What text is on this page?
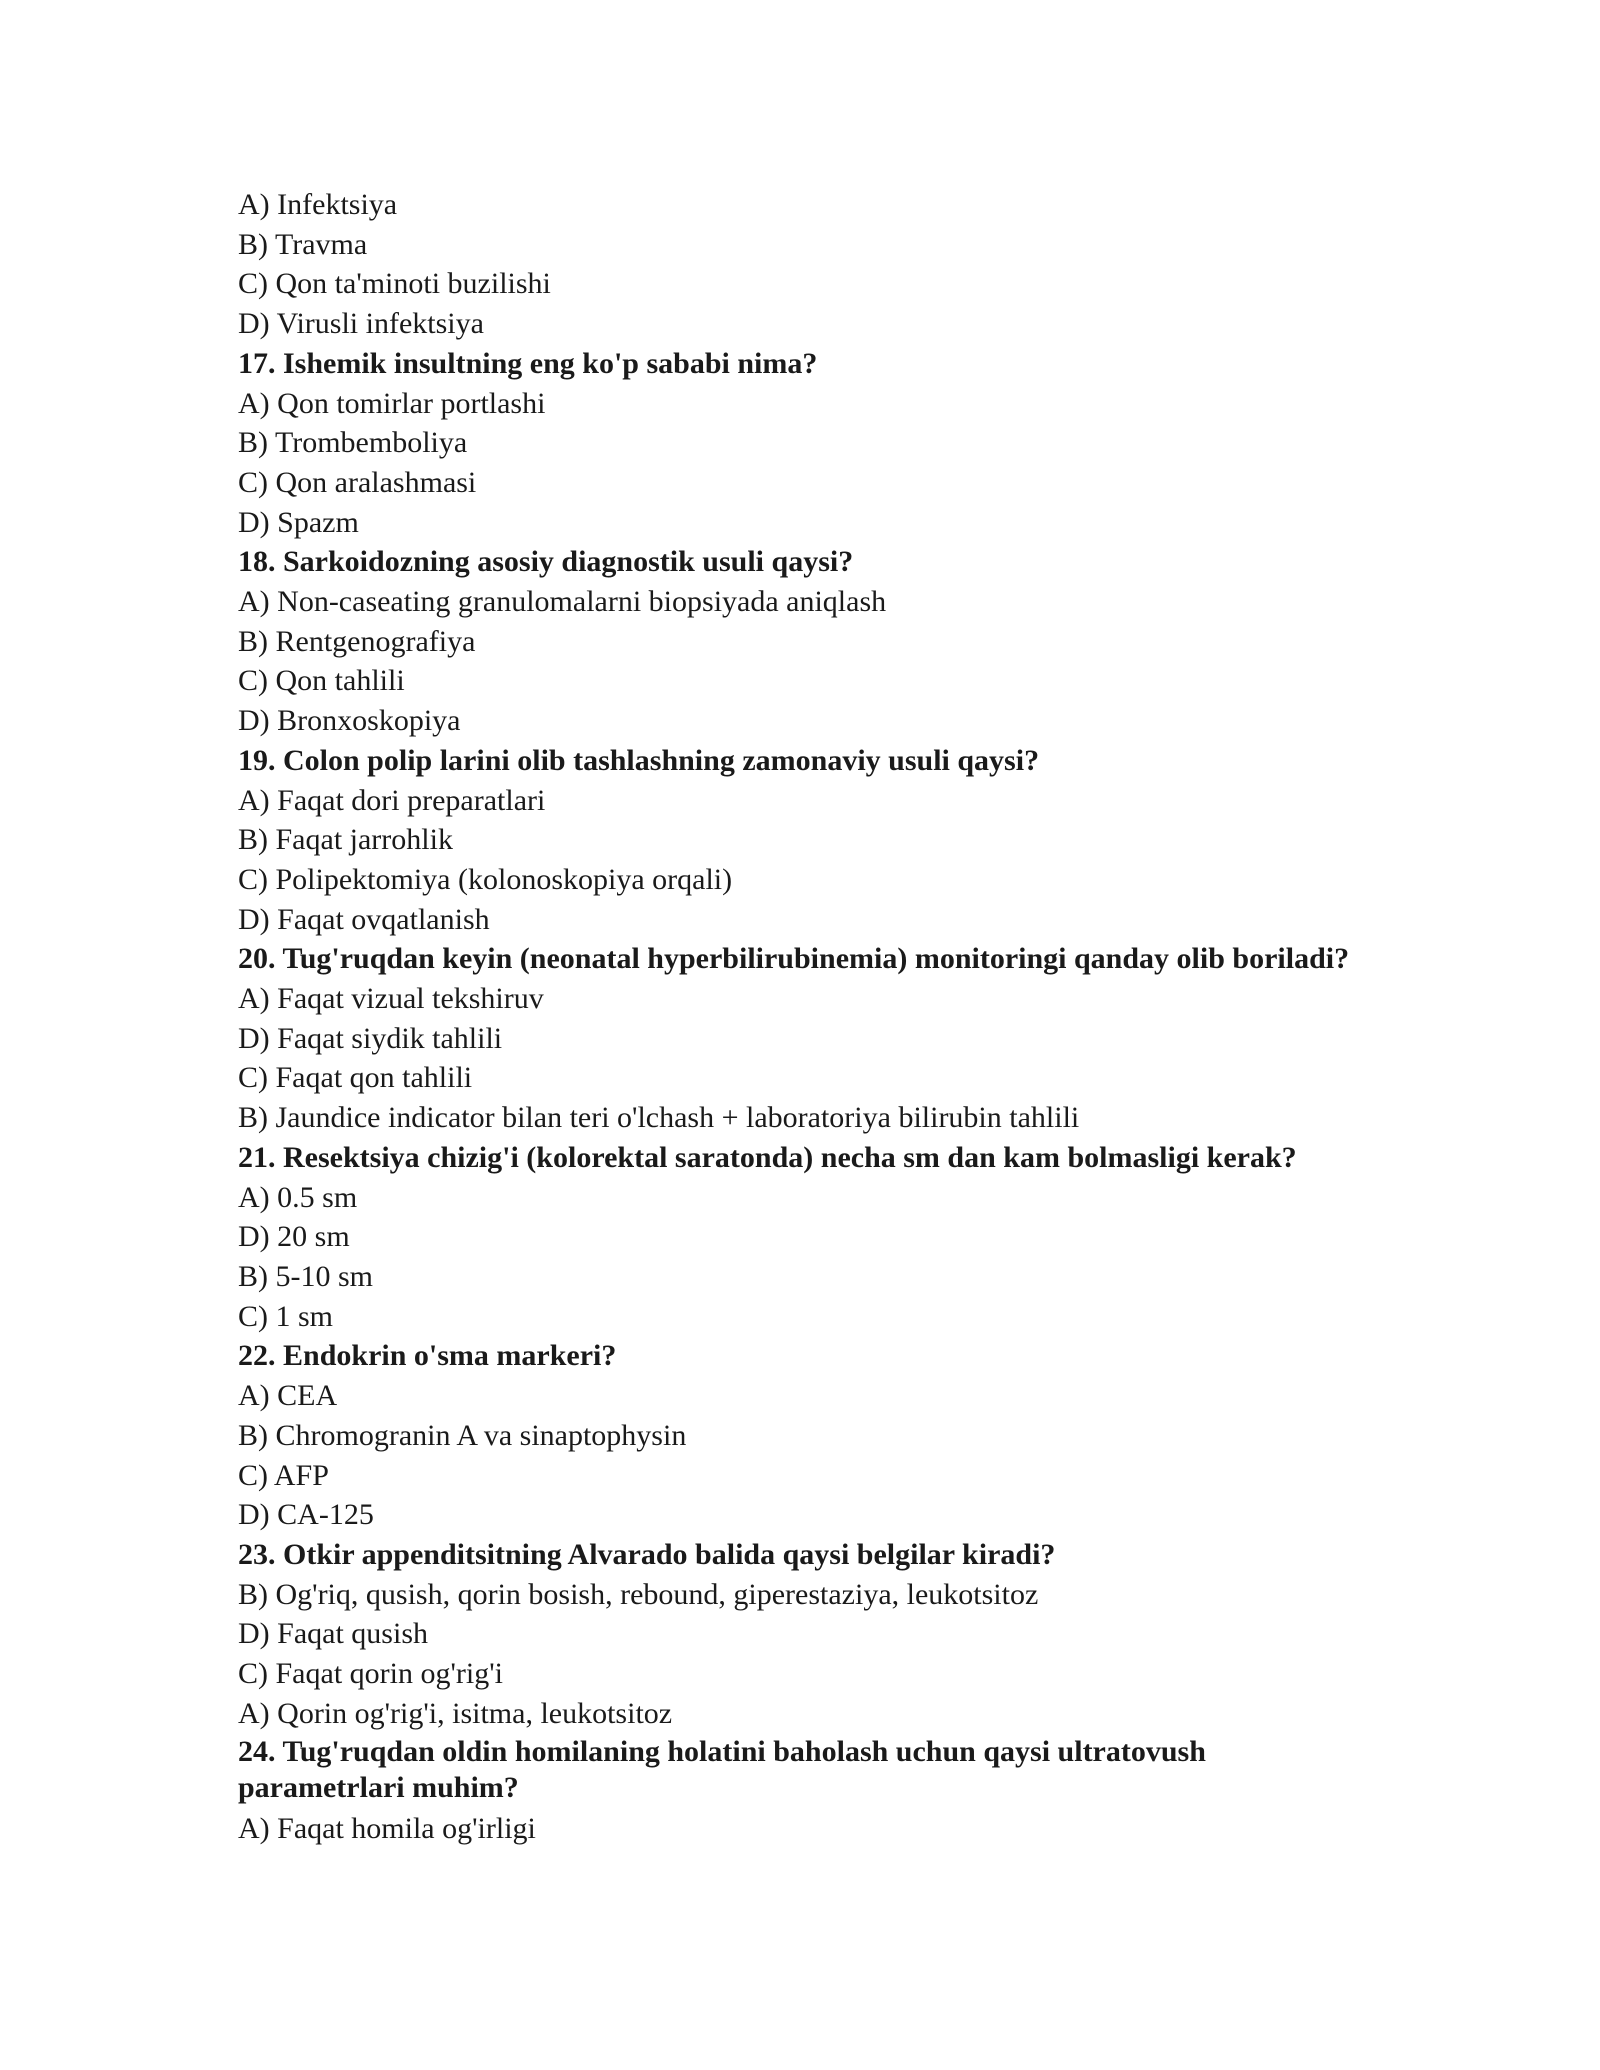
A) Infektsiya

B) Travma

C) Qon ta'minoti buzilishi

D) Virusli infektsiya

17. Ishemik insultning eng ko'p sababi nima?

A) Qon tomirlar portlashi

B) Trombemboliya

C) Qon aralashmasi

D) Spazm

18. Sarkoidozning asosiy diagnostik usuli qaysi?

A) Non-caseating granulomalarni biopsiyada aniqlash

B) Rentgenografiya

C) Qon tahlili

D) Bronxoskopiya

19. Colon polip larini olib tashlashning zamonaviy usuli qaysi?

A) Faqat dori preparatlari

B) Faqat jarrohlik

C) Polipektomiya (kolonoskopiya orqali)

D) Faqat ovqatlanish

20. Tug'ruqdan keyin (neonatal hyperbilirubinemia) monitoringi qanday olib boriladi?

A) Faqat vizual tekshiruv

D) Faqat siydik tahlili

C) Faqat qon tahlili

B) Jaundice indicator bilan teri o'lchash + laboratoriya bilirubin tahlili

21. Resektsiya chizig'i (kolorektal saratonda) necha sm dan kam bolmasligi kerak?

A) 0.5 sm

D) 20 sm

B) 5-10 sm

C) 1 sm

22. Endokrin o'sma markeri?

A) CEA

B) Chromogranin A va sinaptophysin

C) AFP

D) CA-125

23. Otkir appenditsitning Alvarado balida qaysi belgilar kiradi?

B) Og'riq, qusish, qorin bosish, rebound, giperestaziya, leukotsitoz

D) Faqat qusish

C) Faqat qorin og'rig'i

A) Qorin og'rig'i, isitma, leukotsitoz

24. Tug'ruqdan oldin homilaning holatini baholash uchun qaysi ultratovush
parametrlari muhim?

A) Faqat homila og'irligi
